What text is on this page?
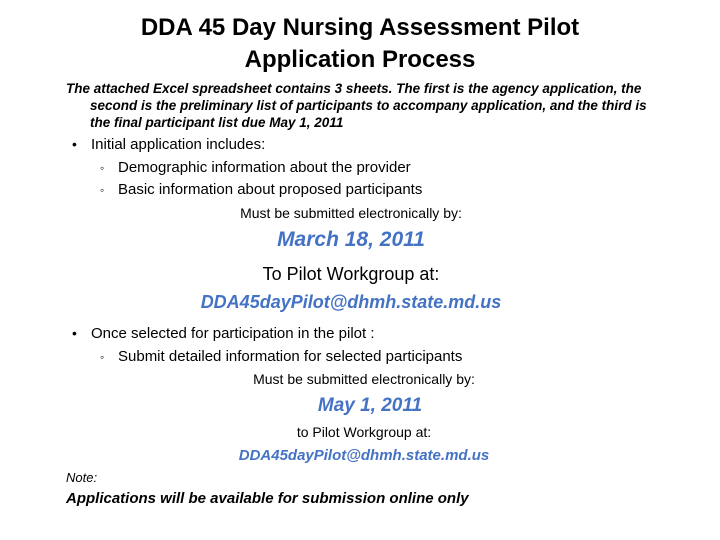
DDA 45 Day Nursing Assessment Pilot
Application Process

The attached Excel spreadsheet contains 3 sheets. The first is the agency application, the second is the preliminary list of participants to accompany application, and the third is the final participant list due May 1, 2011

• Initial application includes:

◦ Demographic information about the provider

◦ Basic information about proposed participants

Must be submitted electronically by:

March 18, 2011

To Pilot Workgroup at:

DDA45dayPilot@dhmh.state.md.us

• Once selected for participation in the pilot :

◦ Submit detailed information for selected participants

Must be submitted electronically by:

May 1, 2011

to Pilot Workgroup at:

DDA45dayPilot@dhmh.state.md.us

Note:

Applications will be available for submission online only
